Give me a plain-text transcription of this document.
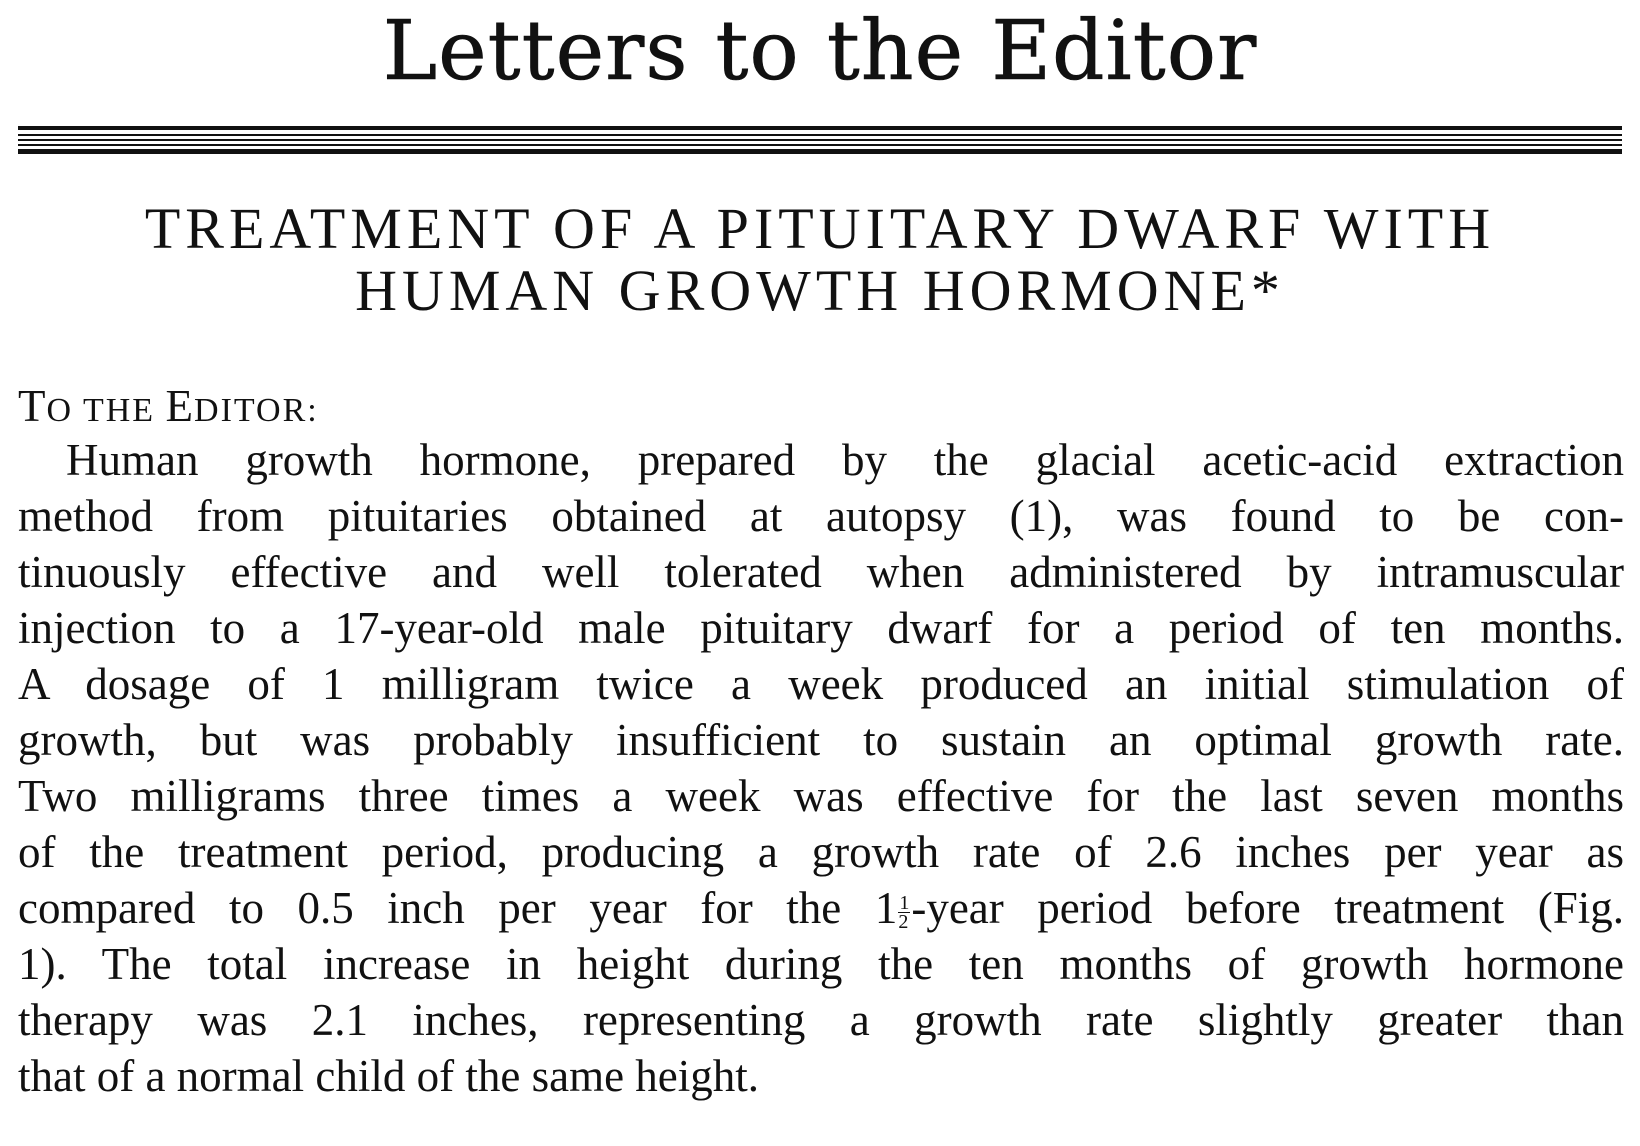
Letters to the Editor
TREATMENT OF A PITUITARY DWARF WITH
HUMAN GROWTH HORMONE*
TO THE EDITOR:
Human growth hormone, prepared by the glacial acetic-acid extraction
method from pituitaries obtained at autopsy (1), was found to be con-
tinuously effective and well tolerated when administered by intramuscular
injection to a 17-year-old male pituitary dwarf for a period of ten months.
A dosage of 1 milligram twice a week produced an initial stimulation of
growth, but was probably insufficient to sustain an optimal growth rate.
Two milligrams three times a week was effective for the last seven months
of the treatment period, producing a growth rate of 2.6 inches per year as
compared to 0.5 inch per year for the $1 \frac{1}{2}$ -year period before treatment (Fig.
1). The total increase in height during the ten months of growth hormone
therapy was 2.1 inches, representing a growth rate slightly greater than
that of a normal child of the same height.
